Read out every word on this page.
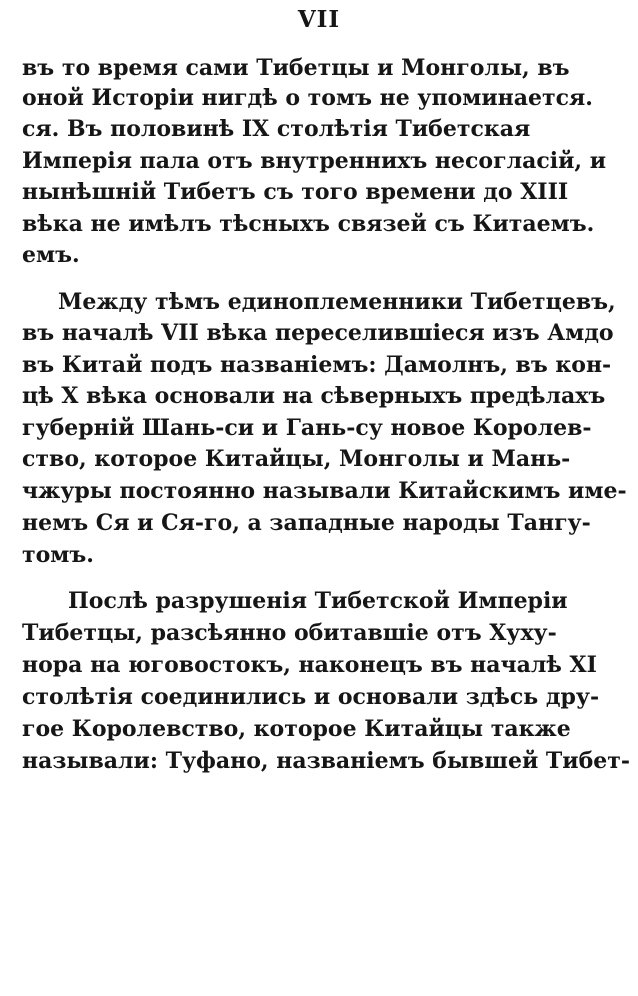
VII
въ то время сами Тибетцы и Монголы, въ
оной Исторіи нигдѣ о томъ не упоминается.
ся. Въ половинѣ IX столѣтія Тибетская
Имперія пала отъ внутреннихъ несогласій, и
нынѣшній Тибетъ съ того времени до XIII
вѣка не имѣлъ тѣсныхъ связей съ Китаемъ.
емъ.
Между тѣмъ единоплеменники Тибетцевъ,
въ началѣ VII вѣка переселившіеся изъ Амдо
въ Китай подъ названіемъ: Дамолнъ, въ кон-
цѣ X вѣка основали на сѣверныхъ предѣлахъ
губерній Шань-си и Гань-су новое Королев-
ство, которое Китайцы, Монголы и Мань-
чжуры постоянно называли Китайскимъ име-
немъ Ся и Ся-го, а западные народы Тангу-
томъ.
Послѣ разрушенія Тибетской Имперіи
Тибетцы, разсѣянно обитавшіе отъ Хуху-
нора на юговостокъ, наконецъ въ началѣ XI
столѣтія соединились и основали здѣсь дру-
гое Королевство, которое Китайцы также
называли: Туфано, названіемъ бывшей Тибет-
